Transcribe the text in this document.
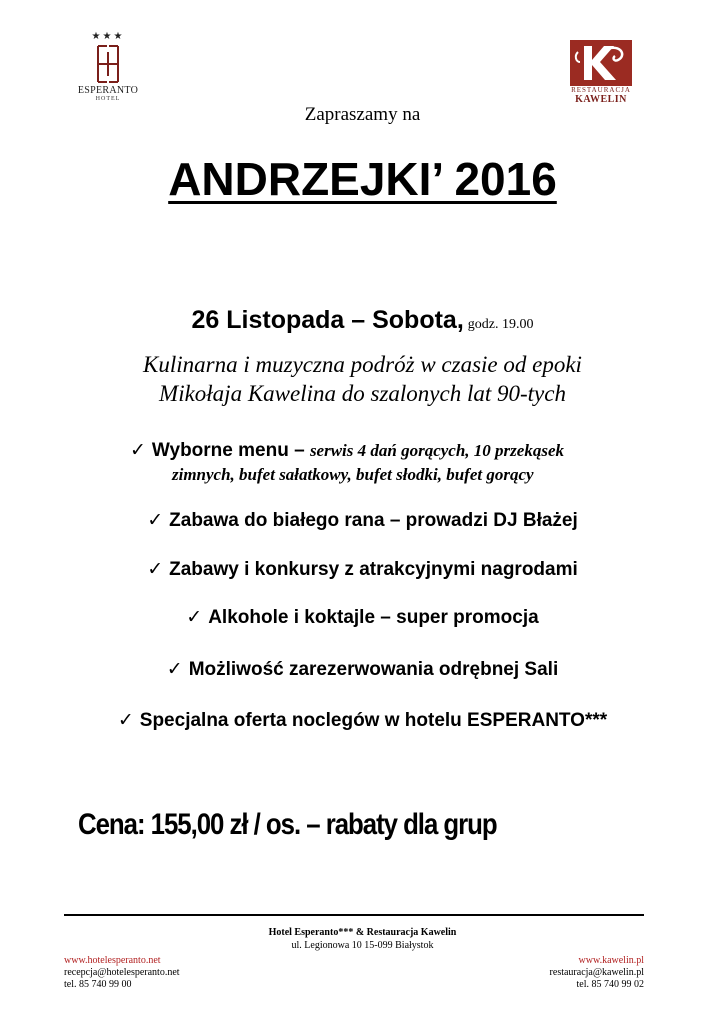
★★★
ESPERANTO
HOTEL
RESTAURACJA
KAWELIN
Zapraszamy na
ANDRZEJKI’ 2016
26 Listopada – Sobota, godz. 19.00
Kulinarna i muzyczna podróż w czasie od epoki
Mikołaja Kawelina do szalonych lat 90-tych
✓ Wyborne menu – serwis 4 dań gorących, 10 przekąsek
zimnych, bufet sałatkowy, bufet słodki, bufet gorący
✓ Zabawa do białego rana – prowadzi DJ Błażej
✓ Zabawy i konkursy z atrakcyjnymi nagrodami
✓ Alkohole i koktajle – super promocja
✓ Możliwość zarezerwowania odrębnej Sali
✓ Specjalna oferta noclegów w hotelu ESPERANTO***
Cena: 155,00 zł / os. – rabaty dla grup
Hotel Esperanto*** & Restauracja Kawelin
ul. Legionowa 10 15-099 Białystok
www.hotelesperanto.net
recepcja@hotelesperanto.net
tel. 85 740 99 00
www.kawelin.pl
restauracja@kawelin.pl
tel. 85 740 99 02
